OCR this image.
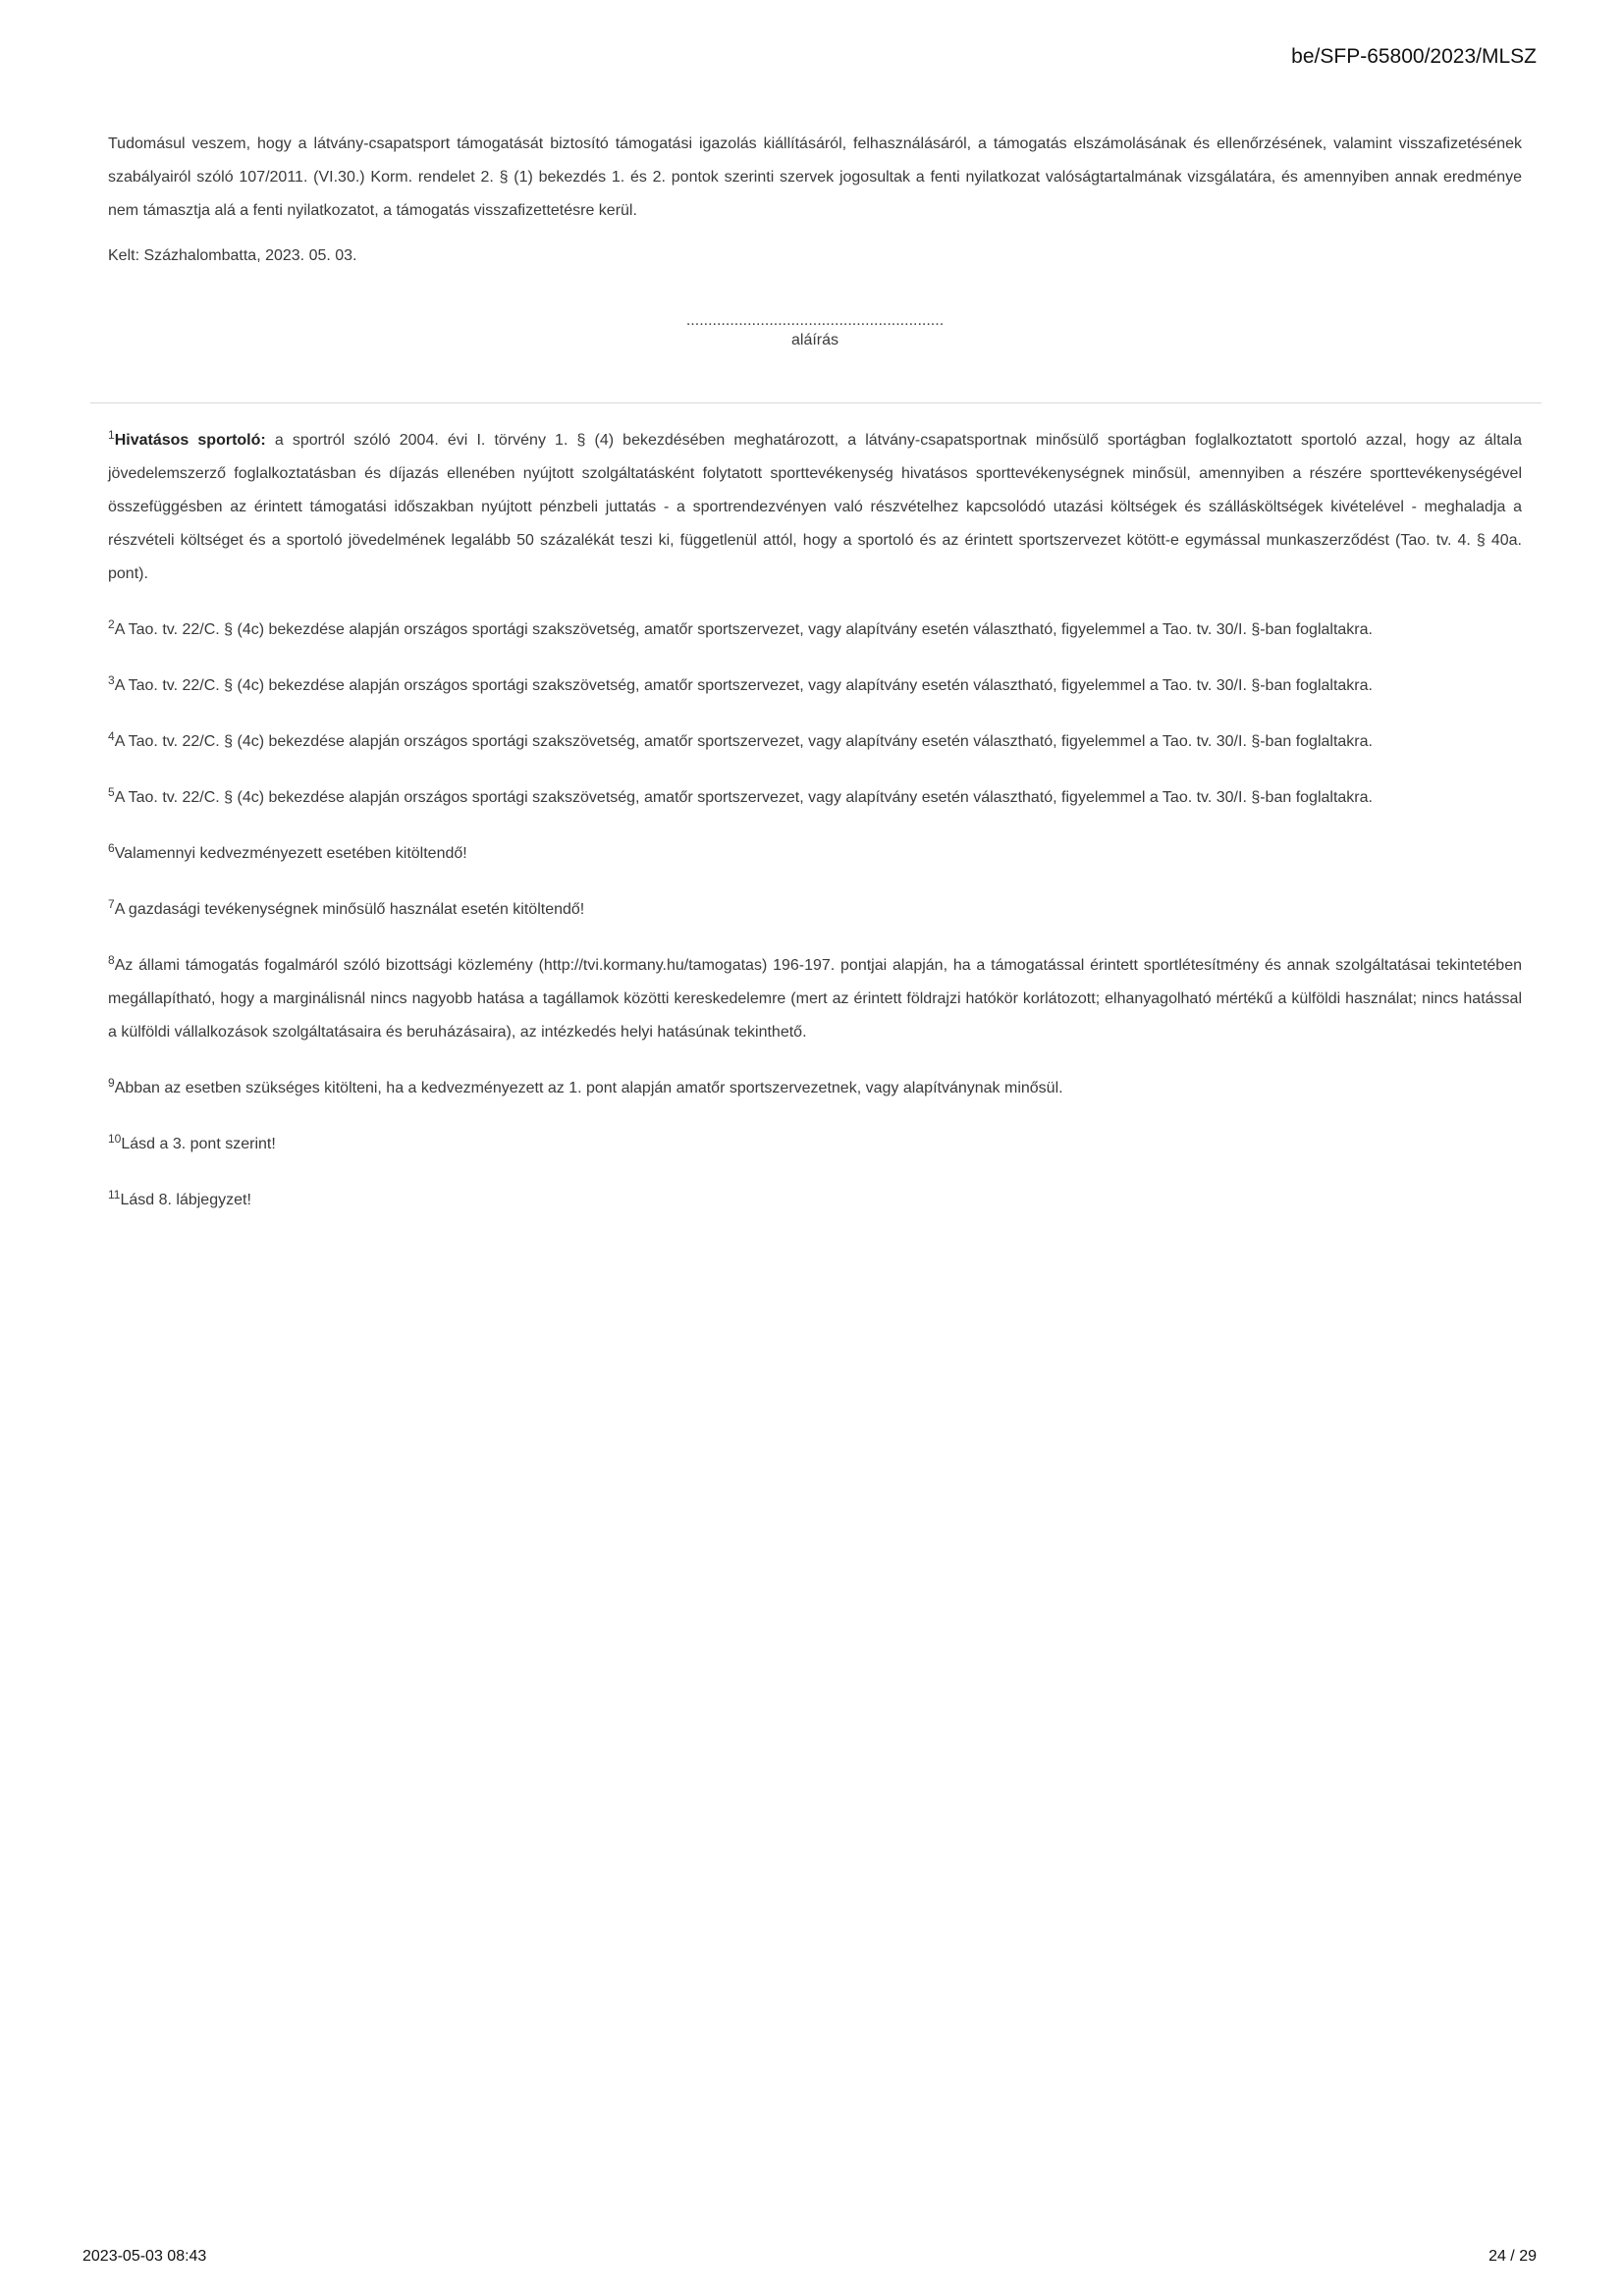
be/SFP-65800/2023/MLSZ

Tudomásul veszem, hogy a látvány-csapatsport támogatását biztosító támogatási igazolás kiállításáról, felhasználásáról, a támogatás elszámolásának és ellenőrzésének, valamint visszafizetésének szabályairól szóló 107/2011. (VI.30.) Korm. rendelet 2. § (1) bekezdés 1. és 2. pontok szerinti szervek jogosultak a fenti nyilatkozat valóságtartalmának vizsgálatára, és amennyiben annak eredménye nem támasztja alá a fenti nyilatkozatot, a támogatás visszafizettetésre kerül.

Kelt: Százhalombatta, 2023. 05. 03.

...........................................................
aláírás

$^1$Hivatásos sportoló: a sportról szóló 2004. évi I. törvény 1. § (4) bekezdésében meghatározott, a látvány-csapatsportnak minősülő sportágban foglalkoztatott sportoló azzal, hogy az általa jövedelemszerző foglalkoztatásban és díjazás ellenében nyújtott szolgáltatásként folytatott sporttevékenység hivatásos sporttevékenységnek minősül, amennyiben a részére sporttevékenységével összefüggésben az érintett támogatási időszakban nyújtott pénzbeli juttatás - a sportrendezvényen való részvételhez kapcsolódó utazási költségek és szállásköltségek kivételével - meghaladja a részvételi költséget és a sportoló jövedelmének legalább 50 százalékát teszi ki, függetlenül attól, hogy a sportoló és az érintett sportszervezet kötött-e egymással munkaszerződést (Tao. tv. 4. § 40a. pont).

$^2$A Tao. tv. 22/C. § (4c) bekezdése alapján országos sportági szakszövetség, amatőr sportszervezet, vagy alapítvány esetén választható, figyelemmel a Tao. tv. 30/I. §-ban foglaltakra.

$^3$A Tao. tv. 22/C. § (4c) bekezdése alapján országos sportági szakszövetség, amatőr sportszervezet, vagy alapítvány esetén választható, figyelemmel a Tao. tv. 30/I. §-ban foglaltakra.

$^4$A Tao. tv. 22/C. § (4c) bekezdése alapján országos sportági szakszövetség, amatőr sportszervezet, vagy alapítvány esetén választható, figyelemmel a Tao. tv. 30/I. §-ban foglaltakra.

$^5$A Tao. tv. 22/C. § (4c) bekezdése alapján országos sportági szakszövetség, amatőr sportszervezet, vagy alapítvány esetén választható, figyelemmel a Tao. tv. 30/I. §-ban foglaltakra.

$^6$Valamennyi kedvezményezett esetében kitöltendő!

$^7$A gazdasági tevékenységnek minősülő használat esetén kitöltendő!

$^8$Az állami támogatás fogalmáról szóló bizottsági közlemény (http://tvi.kormany.hu/tamogatas) 196-197. pontjai alapján, ha a támogatással érintett sportlétesítmény és annak szolgáltatásai tekintetében megállapítható, hogy a marginálisnál nincs nagyobb hatása a tagállamok közötti kereskedelemre (mert az érintett földrajzi hatókör korlátozott; elhanyagolható mértékű a külföldi használat; nincs hatással a külföldi vállalkozások szolgáltatásaira és beruházásaira), az intézkedés helyi hatásúnak tekinthető.

$^9$Abban az esetben szükséges kitölteni, ha a kedvezményezett az 1. pont alapján amatőr sportszervezetnek, vagy alapítványnak minősül.

$^{10}$Lásd a 3. pont szerint!

$^{11}$Lásd 8. lábjegyzet!

2023-05-03 08:43	24 / 29
